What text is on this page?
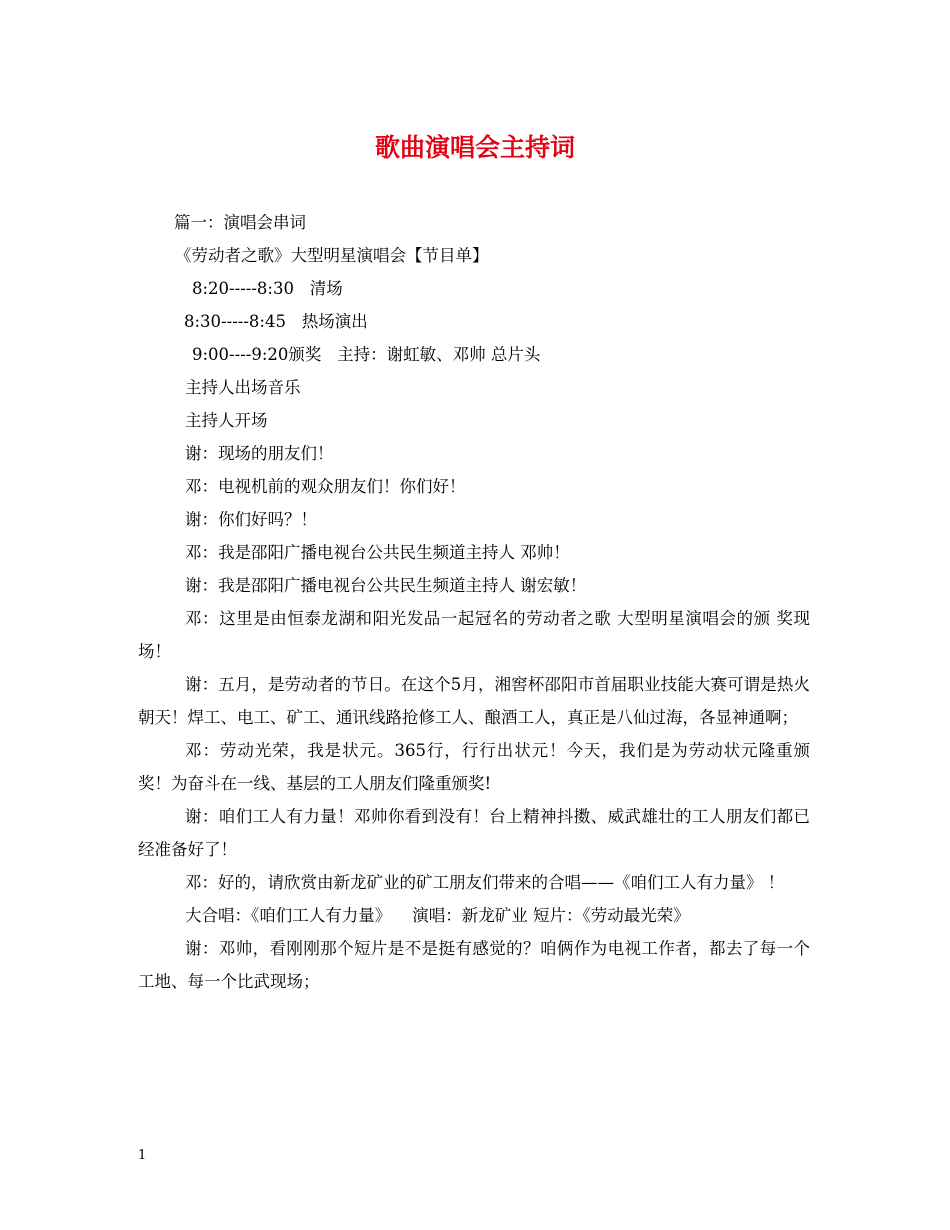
歌曲演唱会主持词
篇一：演唱会串词
《劳动者之歌》大型明星演唱会【节目单】
8:20-----8:30   清场
8:30-----8:45   热场演出
9:00----9:20颁奖   主持：谢虹敏、邓帅 总片头
主持人出场音乐
主持人开场
谢：现场的朋友们！
邓：电视机前的观众朋友们！你们好！
谢：你们好吗？！
邓：我是邵阳广播电视台公共民生频道主持人 邓帅！
谢：我是邵阳广播电视台公共民生频道主持人 谢宏敏！
邓：这里是由恒泰龙湖和阳光发品一起冠名的劳动者之歌 大型明星演唱会的颁 奖现场！
谢：五月，是劳动者的节日。在这个5月，湘窖杯邵阳市首届职业技能大赛可谓是热火朝天！焊工、电工、矿工、通讯线路抢修工人、酿酒工人，真正是八仙过海，各显神通啊；
邓：劳动光荣，我是状元。365行，行行出状元！今天，我们是为劳动状元隆重颁奖！为奋斗在一线、基层的工人朋友们隆重颁奖!
谢：咱们工人有力量！邓帅你看到没有！台上精神抖擞、威武雄壮的工人朋友们都已经准备好了！
邓：好的，请欣赏由新龙矿业的矿工朋友们带来的合唱——《咱们工人有力量》 ！
大合唱：《咱们工人有力量》    演唱：新龙矿业 短片：《劳动最光荣》
谢：邓帅，看刚刚那个短片是不是挺有感觉的？咱俩作为电视工作者，都去了每一个工地、每一个比武现场；
1
